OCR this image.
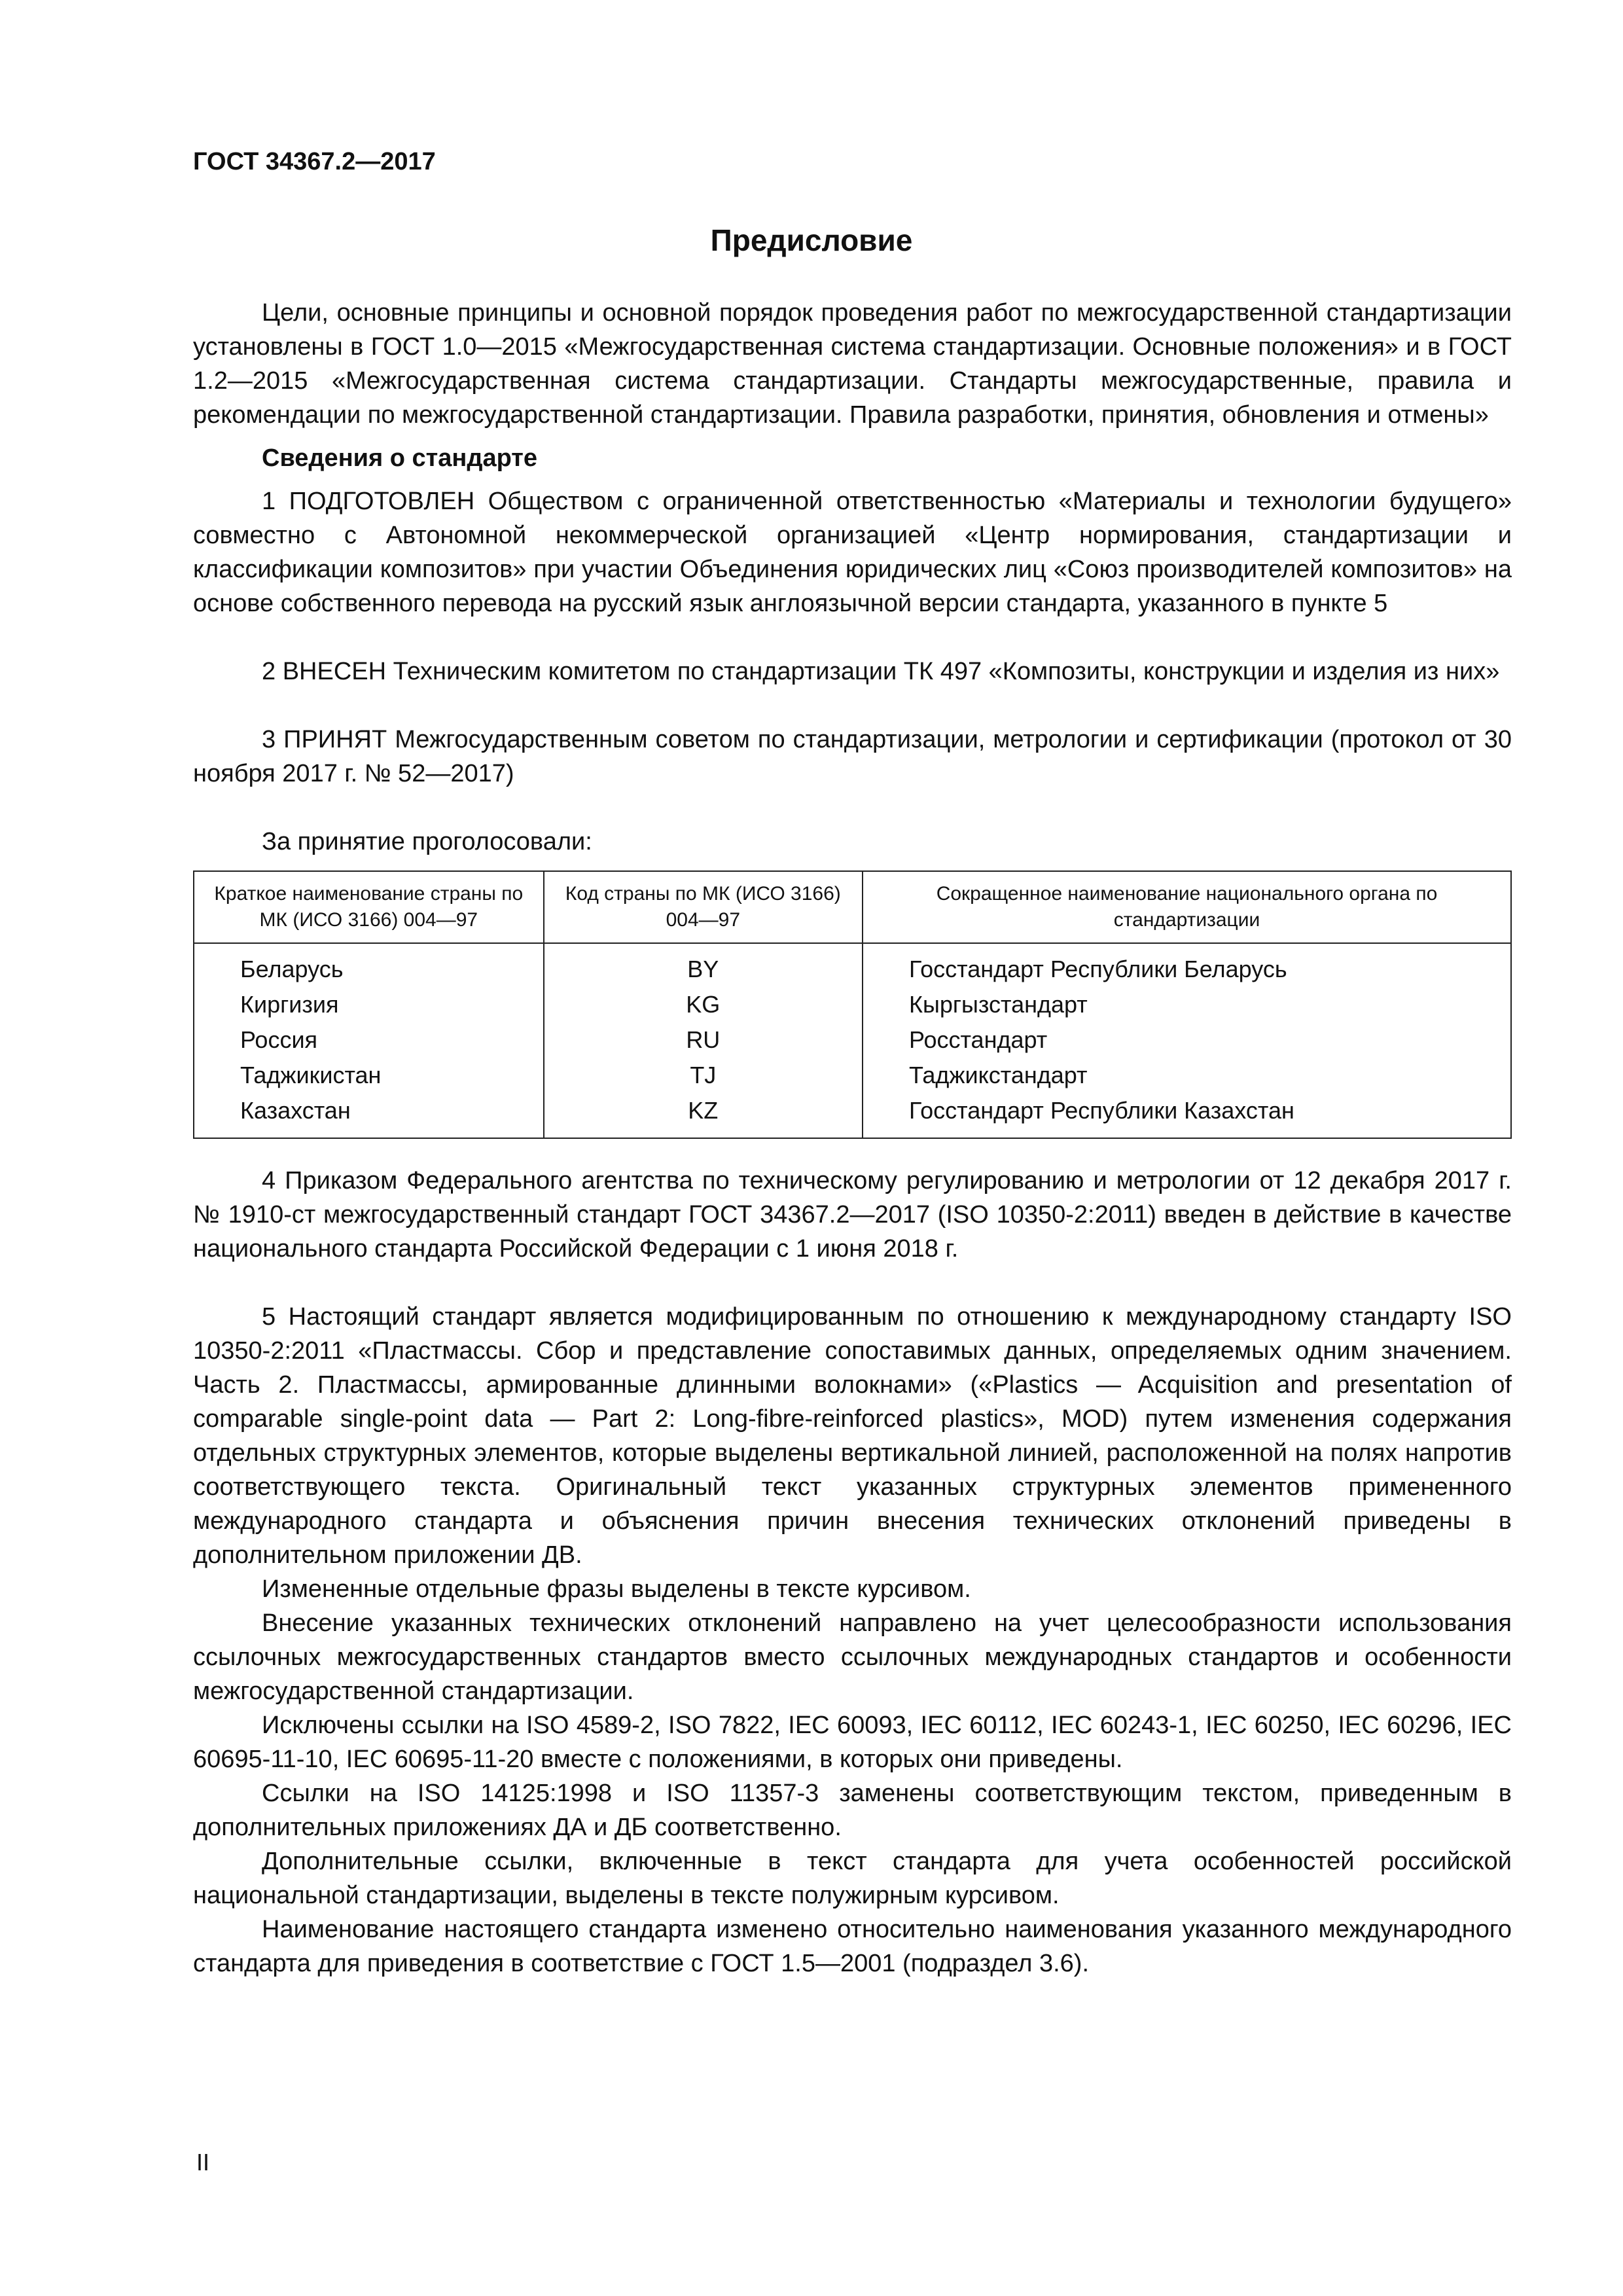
ГОСТ 34367.2—2017
Предисловие

Цели, основные принципы и основной порядок проведения работ по межгосударственной стандартизации установлены в ГОСТ 1.0—2015 «Межгосударственная система стандартизации. Основные положения» и в ГОСТ 1.2—2015 «Межгосударственная система стандартизации. Стандарты межгосударственные, правила и рекомендации по межгосударственной стандартизации. Правила разработки, принятия, обновления и отмены»

Сведения о стандарте

1 ПОДГОТОВЛЕН Обществом с ограниченной ответственностью «Материалы и технологии будущего» совместно с Автономной некоммерческой организацией «Центр нормирования, стандартизации и классификации композитов» при участии Объединения юридических лиц «Союз производителей композитов» на основе собственного перевода на русский язык англоязычной версии стандарта, указанного в пункте 5

2 ВНЕСЕН Техническим комитетом по стандартизации ТК 497 «Композиты, конструкции и изделия из них»

3 ПРИНЯТ Межгосударственным советом по стандартизации, метрологии и сертификации (протокол от 30 ноября 2017 г. № 52—2017)

За принятие проголосовали:

Краткое наименование страны по МК (ИСО 3166) 004—97	Код страны по МК (ИСО 3166) 004—97	Сокращенное наименование национального органа по стандартизации
Беларусь	BY	Госстандарт Республики Беларусь
Киргизия	KG	Кыргызстандарт
Россия	RU	Росстандарт
Таджикистан	TJ	Таджикстандарт
Казахстан	KZ	Госстандарт Республики Казахстан

4 Приказом Федерального агентства по техническому регулированию и метрологии от 12 декабря 2017 г. № 1910-ст межгосударственный стандарт ГОСТ 34367.2—2017 (ISO 10350-2:2011) введен в действие в качестве национального стандарта Российской Федерации с 1 июня 2018 г.

5 Настоящий стандарт является модифицированным по отношению к международному стандарту ISO 10350-2:2011 «Пластмассы. Сбор и представление сопоставимых данных, определяемых одним значением. Часть 2. Пластмассы, армированные длинными волокнами» («Plastics — Acquisition and presentation of comparable single-point data — Part 2: Long-fibre-reinforced plastics», MOD) путем изменения содержания отдельных структурных элементов, которые выделены вертикальной линией, расположенной на полях напротив соответствующего текста. Оригинальный текст указанных структурных элементов примененного международного стандарта и объяснения причин внесения технических отклонений приведены в дополнительном приложении ДВ.

Измененные отдельные фразы выделены в тексте курсивом.

Внесение указанных технических отклонений направлено на учет целесообразности использования ссылочных межгосударственных стандартов вместо ссылочных международных стандартов и особенности межгосударственной стандартизации.

Исключены ссылки на ISO 4589-2, ISO 7822, IEC 60093, IEC 60112, IEC 60243-1, IEC 60250, IEC 60296, IEC 60695-11-10, IEC 60695-11-20 вместе с положениями, в которых они приведены.

Ссылки на ISO 14125:1998 и ISO 11357-3 заменены соответствующим текстом, приведенным в дополнительных приложениях ДА и ДБ соответственно.

Дополнительные ссылки, включенные в текст стандарта для учета особенностей российской национальной стандартизации, выделены в тексте полужирным курсивом.

Наименование настоящего стандарта изменено относительно наименования указанного международного стандарта для приведения в соответствие с ГОСТ 1.5—2001 (подраздел 3.6).

II
